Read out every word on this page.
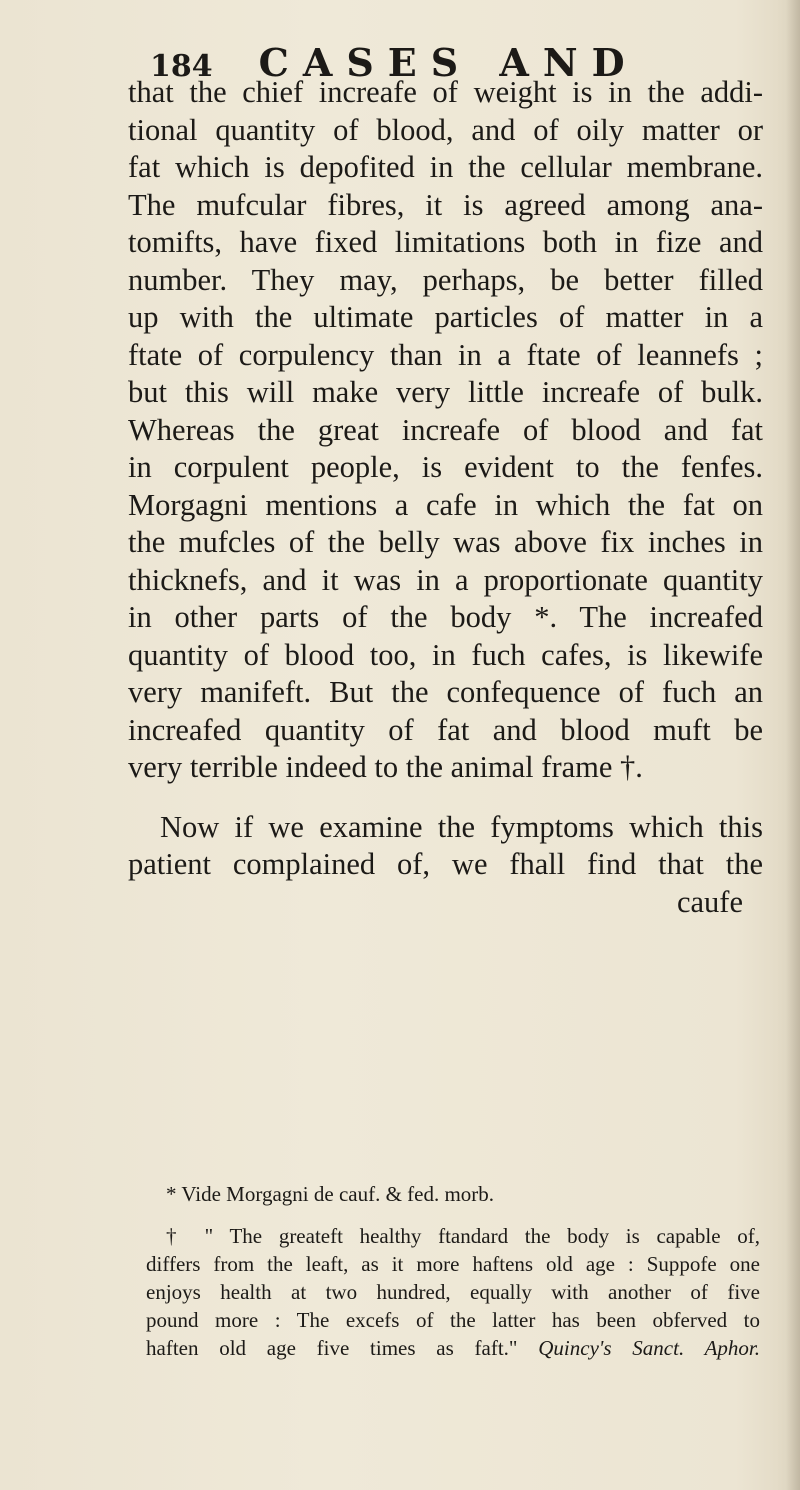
184 CASES AND
that the chief increafe of weight is in the addi-
tional quantity of blood, and of oily matter or
fat which is depofited in the cellular membrane.
The mufcular fibres, it is agreed among ana-
tomifts, have fixed limitations both in fize and
number. They may, perhaps, be better filled
up with the ultimate particles of matter in a
ftate of corpulency than in a ftate of leannefs ;
but this will make very little increafe of bulk.
Whereas the great increafe of blood and fat
in corpulent people, is evident to the fenfes.
Morgagni mentions a cafe in which the fat on
the mufcles of the belly was above fix inches in
thicknefs, and it was in a proportionate quantity
in other parts of the body *. The increafed
quantity of blood too, in fuch cafes, is likewife
very manifeft. But the confequence of fuch an
increafed quantity of fat and blood muft be
very terrible indeed to the animal frame †.
Now if we examine the fymptoms which this
patient complained of, we fhall find that the
caufe
* Vide Morgagni de cauf. & fed. morb.
† " The greateft healthy ftandard the body is capable of,
differs from the leaft, as it more haftens old age : Suppofe one
enjoys health at two hundred, equally with another of five
pound more : The excefs of the latter has been obferved to
haften old age five times as faft." Quincy's Sanct. Aphor.
